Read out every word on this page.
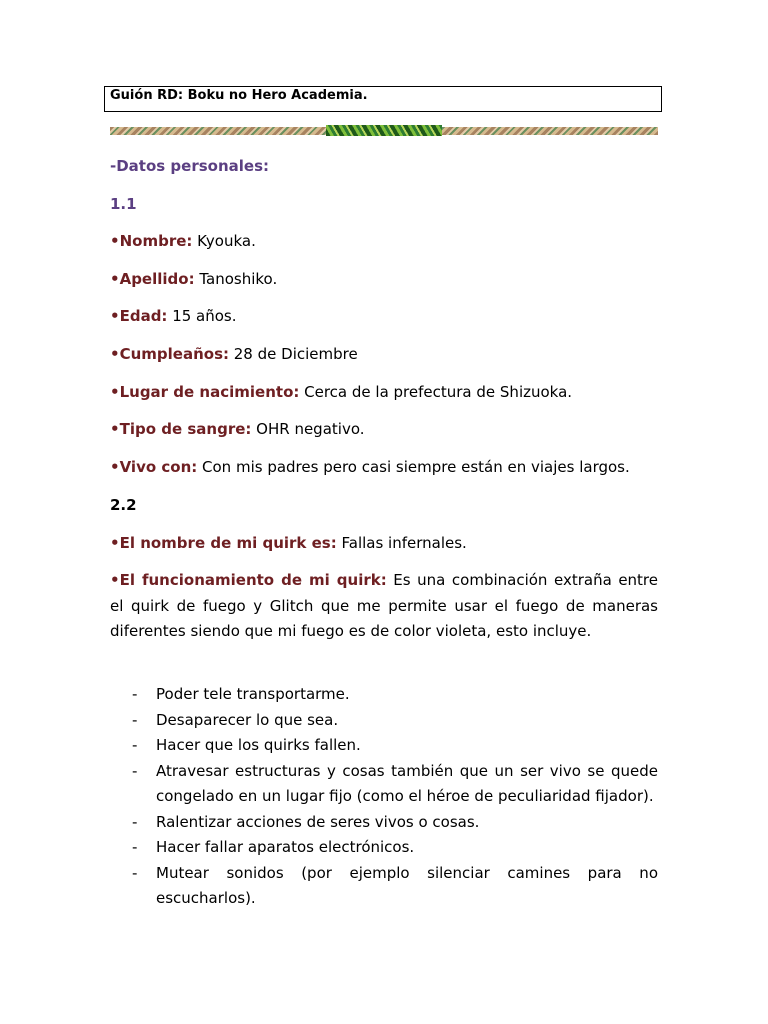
Guión RD: Boku no Hero Academia.
-Datos personales:
1.1
•Nombre: Kyouka.
•Apellido: Tanoshiko.
•Edad: 15 años.
•Cumpleaños: 28 de Diciembre
•Lugar de nacimiento: Cerca de la prefectura de Shizuoka.
•Tipo de sangre: OHR negativo.
•Vivo con: Con mis padres pero casi siempre están en viajes largos.
2.2
•El nombre de mi quirk es: Fallas infernales.
•El funcionamiento de mi quirk: Es una combinación extraña entre el quirk de fuego y Glitch que me permite usar el fuego de maneras diferentes siendo que mi fuego es de color violeta, esto incluye.
- Poder tele transportarme.
- Desaparecer lo que sea.
- Hacer que los quirks fallen.
- Atravesar estructuras y cosas también que un ser vivo se quede congelado en un lugar fijo (como el héroe de peculiaridad fijador).
- Ralentizar acciones de seres vivos o cosas.
- Hacer fallar aparatos electrónicos.
- Mutear sonidos (por ejemplo silenciar camines para no escucharlos).
